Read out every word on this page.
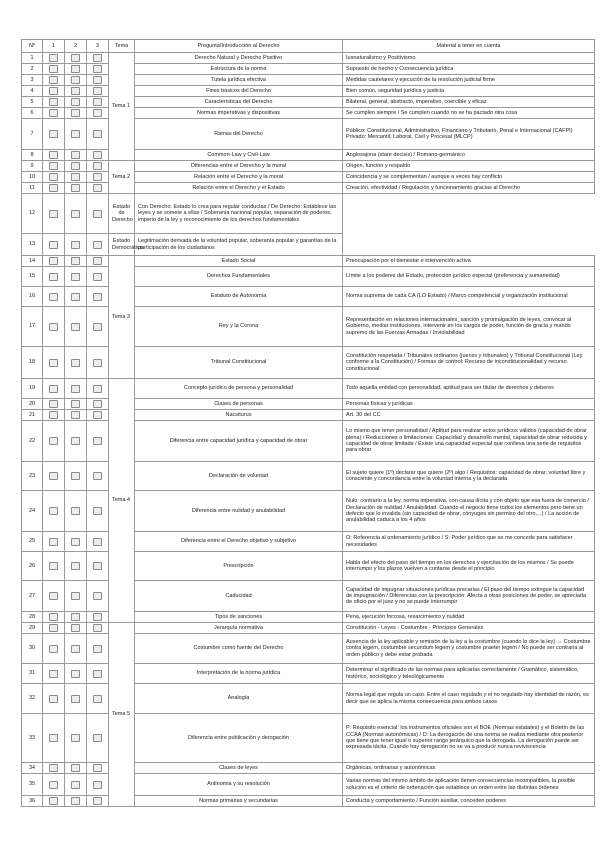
Nº	1	2	3	Tema	Pregunta/Introducción al Derecho	Material a tener en cuenta
1				Tema 1	Derecho Natural y Derecho Positivo	Iusnaturalismo y Positivismo
2					Estructura de la norma	Supuesto de hecho y Consecuencia jurídica
3					Tutela jurídica efectiva	Medidas cautelares y ejecución de la resolución judicial firme
4					Fines básicos del Derecho	Bien común, seguridad jurídica y justicia
5					Características del Derecho	Bilateral, general, abstracto, imperativo, coercible y eficaz
6					Normas imperativas y dispositivas	Se cumplen siempre / Se cumplen cuando no se ha pactado otra cosa
7					Ramas del Derecho	Público: Constitucional, Administrativo, Financiero y Tributario, Penal e Internacional (CAFPI)
Privado: Mercantil, Laboral, Civil y Procesal (MLCP)
8					Common-Law y Civil-Law	Anglosajona (stare decisis) / Romano-germánico
9				Tema 2	Diferencias entre el Derecho y la moral	Origen, función y respaldo
10					Relación entre el Derecho y la moral	Coincidencia y se complementan / aunque a veces hay conflicto
11					Relación entre el Derecho y el Estado	Creación, efectividad / Regulación y funcionamiento gracias al Derecho
12				Estado de Derecho	Con Derecho: Estado lo crea para regular conductas / De Derecho: Establece las leyes y se somete a ellas / Soberanía nacional popular, separación de poderes, imperio de la ley y reconocimiento de los derechos fundamentales	
13				Estado Democrático	Legitimación derivada de la voluntad popular, soberanía popular y garantías de la participación de los ciudadanos	
14				Tema 3	Estado Social	Preocupación por el bienestar e intervención activa
15					Derechos Fundamentales	Límite a los poderes del Estado, protección jurídico especial (preferencia y sumariedad)
16					Estatuto de Autonomía	Norma suprema de cada CA (LO Estado) / Marco competencial y organización institucional
17					Rey y la Corona	Representación en relaciones internacionales, sanción y promulgación de leyes, convocar al Gobierno, mediar instituciones, intervenir en los cargos de poder, función de gracia y mando supremo de las Fuerzas Armadas / Inviolabilidad
18					Tribunal Constitucional	Constitución respetada / Tribunales ordinarios (jueces y tribunales) y Tribunal Constitucional (Ley conforme a la Constitución) / Formas de control: Recurso de inconstitucionalidad y recurso constitucional
19				Tema 4	Concepto jurídico de persona y personalidad	Todo aquella entidad con personalidad, aptitud para ser titular de derechos y deberes
20					Clases de personas	Personas físicas y jurídicas
21					Nacsiturus	Art. 30 del CC
22					Diferencia entre capacidad jurídica y capacidad de obrar	Lo mismo que tener personalidad / Aptitud para realizar actos jurídicos válidos (capacidad de obrar plena) / Reducciones o limitaciones: Capacidad y desarrollo mental, capacidad de obrar reducida y capacidad de obrar limitada / Existe una capacidad especial que conlleva una serie de requisitos para obrar
23					Declaración de voluntad	El sujeto quiere (1º) declarar que quiere (2º) algo / Requisitos: capacidad de obrar, voluntad libre y consciente y concordancia entre la voluntad interna y la declarada
24					Diferencia entre nulidad y anulabilidad	Nulo: contrario a la ley, norma imperativa, con causa ilícita y con objeto que esa fuera de comercio / Declaración de nulidad / Anulabilidad: Cuando el negocio tiene todos los elementos pero tiene un defecto que lo invalida (sin capacidad de obrar, cónyuges sin permiso del otro,...) / La acción de anulabilidad caduca a los 4 años
25					Diferencia entre el Derecho objetivo y subjetivo	O: Referencia al ordenamiento jurídico / S: Poder jurídico que se me concede para satisfacer necesidades
26					Prescripción	Habla del efecto del paso del tiempo en los derechos y ejercitación de los mismos / Se puede interrumpir y los plazos vuelven a contarse desde el principio
27					Caducidad	Capacidad de impugnar situaciones jurídicas precarias / El paso del tiempo extingue la capacidad de impugnación / Diferencias con la prescripción: Afecta a otras posiciones de poder, se apreciada de oficio por el juez y no se puede interrumpir
28					Tipos de sanciones	Pena, ejecución forzosa, resarcimiento y nulidad
29				Tema 5	Jerarquía normativa	Constitución - Leyes - Costumbre - Principios Generales
30					Costumbre como fuente del Derecho	Ausencia de la ley aplicable y remisión de la ley a la costumbre (cuando lo dice la ley) → Costumbre contra legem, costumbre secundum legem y costumbre praeter legem / No puede ser contraria al orden público y debe estar probada
31					Interpretación de la norma jurídica	Determinar el significado de las normas para aplicarlas correctamente / Gramático, sistemático, histórico, sociológico y teleológicamente
32					Analogía	Norma legal que regula un caso. Entre el caso regulado y el no regulado hay identidad de razón, es decir que se aplica la misma consecuencia para ambos casos
33					Diferencia entre publicación y derogación	P: Requisito esencial: los instrumentos oficiales son el BOE (Normas estatales) y el Boletín de las CCAA (Normas autonómicas) / D: La derogación de una norma se realiza mediante otra posterior que tiene que tener igual o superior rango jerárquico que la derogada. La derogación puede ser expresada tácita. Cuando hay derogación no se va a producir nunca reviviscencia
34					Clases de leyes	Orgánicas, ordinarias y autonómicas
35					Antinomia y su resolución	Varias normas del mismo ámbito de aplicación tienen consecuencias incompatibles, la posible solución es el criterio de ordenación que establece un orden entre las distintas órdenes
36					Normas primarias y secundarias	Conducta y comportamiento / Función auxiliar, conceden poderes
